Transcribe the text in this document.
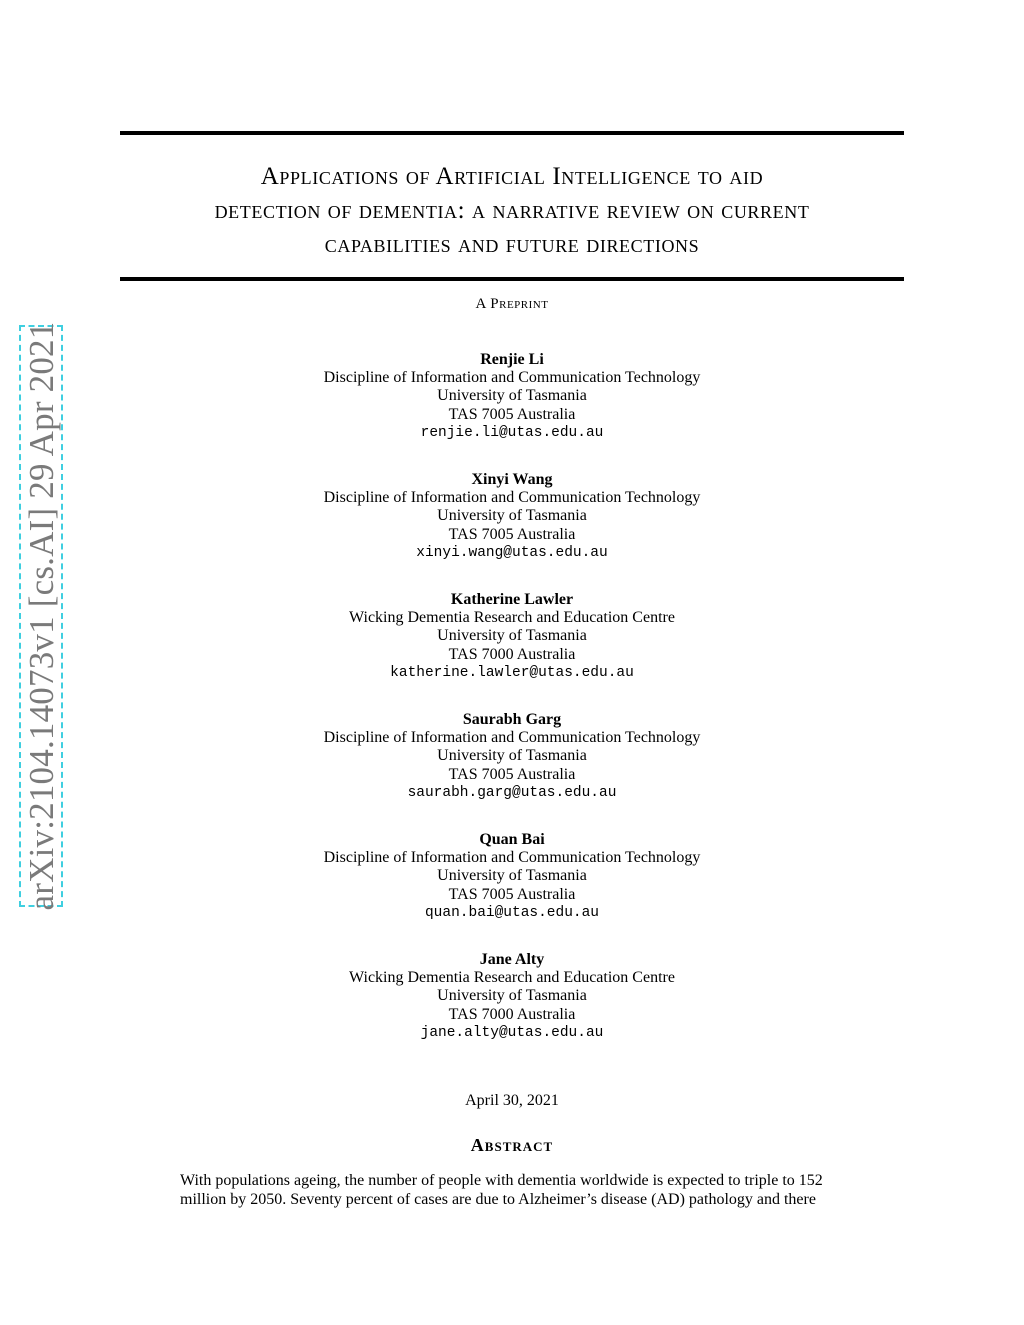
Applications of Artificial Intelligence to aid
detection of dementia: a narrative review on current
capabilities and future directions
arXiv:2104.14073v1 [cs.AI] 29 Apr 2021
A Preprint
Renjie Li
Discipline of Information and Communication Technology
University of Tasmania
TAS 7005 Australia
renjie.li@utas.edu.au
Xinyi Wang
Discipline of Information and Communication Technology
University of Tasmania
TAS 7005 Australia
xinyi.wang@utas.edu.au
Katherine Lawler
Wicking Dementia Research and Education Centre
University of Tasmania
TAS 7000 Australia
katherine.lawler@utas.edu.au
Saurabh Garg
Discipline of Information and Communication Technology
University of Tasmania
TAS 7005 Australia
saurabh.garg@utas.edu.au
Quan Bai
Discipline of Information and Communication Technology
University of Tasmania
TAS 7005 Australia
quan.bai@utas.edu.au
Jane Alty
Wicking Dementia Research and Education Centre
University of Tasmania
TAS 7000 Australia
jane.alty@utas.edu.au
April 30, 2021
Abstract
With populations ageing, the number of people with dementia worldwide is expected to triple to 152
million by 2050. Seventy percent of cases are due to Alzheimer’s disease (AD) pathology and there
